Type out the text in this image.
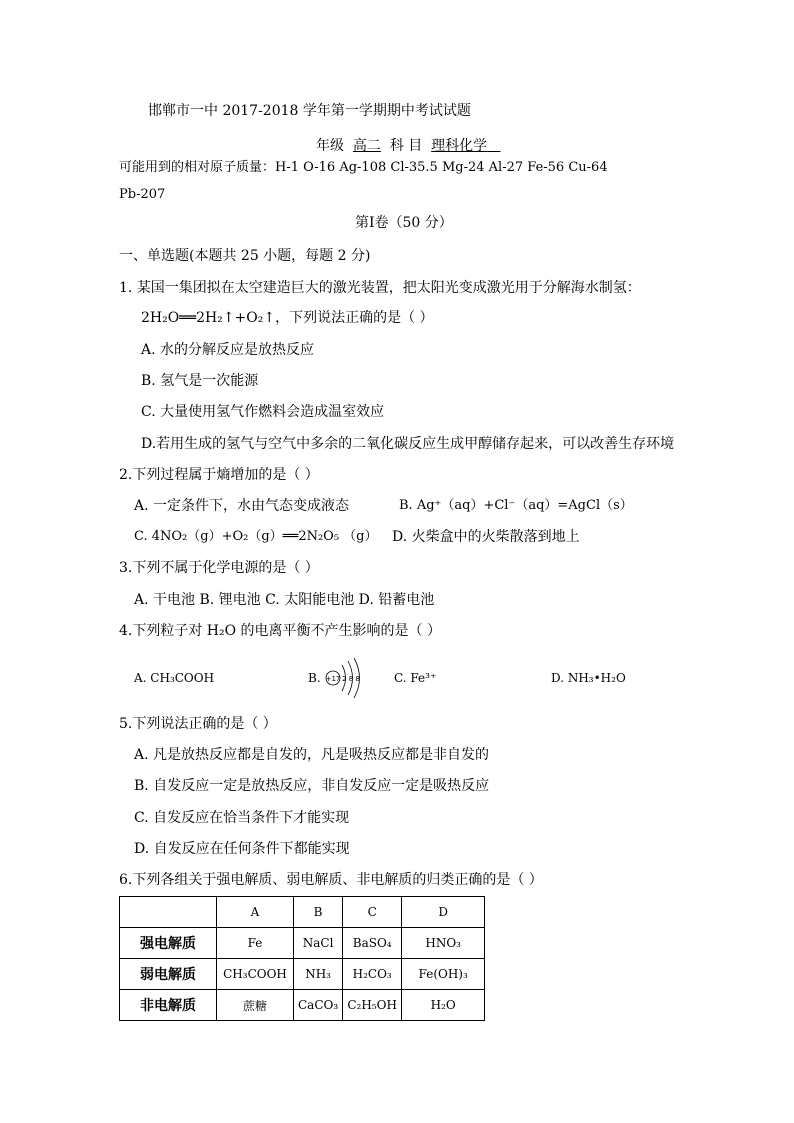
邯郸市一中 2017-2018 学年第一学期期中考试试题
年级 高二 科 目 理科化学
可能用到的相对原子质量：H-1 O-16 Ag-108 Cl-35.5 Mg-24 Al-27 Fe-56 Cu-64
Pb-207
第Ⅰ卷（50 分）
一、单选题(本题共 25 小题，每题 2 分)
1. 某国一集团拟在太空建造巨大的激光装置，把太阳光变成激光用于分解海水制氢：
2H₂O══2H₂↑+O₂↑，下列说法正确的是（ ）
A. 水的分解反应是放热反应
B. 氢气是一次能源
C. 大量使用氢气作燃料会造成温室效应
D.若用生成的氢气与空气中多余的二氧化碳反应生成甲醇储存起来，可以改善生存环境
2.下列过程属于熵增加的是（ ）
A. 一定条件下，水由气态变成液态	B. Ag⁺（aq）+Cl⁻（aq）=AgCl（s）
C. 4NO₂（g）+O₂（g）══2N₂O₅ （g） D. 火柴盒中的火柴散落到地上
3.下列不属于化学电源的是（ ）
A. 干电池 B. 锂电池 C. 太阳能电池 D. 铅蓄电池
4.下列粒子对 H₂O 的电离平衡不产生影响的是（ ）
A. CH₃COOH	B. +17 2 8 8	C. Fe³⁺	D. NH₃•H₂O
5.下列说法正确的是（ ）
A. 凡是放热反应都是自发的，凡是吸热反应都是非自发的
B. 自发反应一定是放热反应，非自发反应一定是吸热反应
C. 自发反应在恰当条件下才能实现
D. 自发反应在任何条件下都能实现
6.下列各组关于强电解质、弱电解质、非电解质的归类正确的是（ ）
	A	B	C	D
强电解质	Fe	NaCl	BaSO₄	HNO₃
弱电解质	CH₃COOH	NH₃	H₂CO₃	Fe(OH)₃
非电解质	蔗糖	CaCO₃	C₂H₅OH	H₂O
